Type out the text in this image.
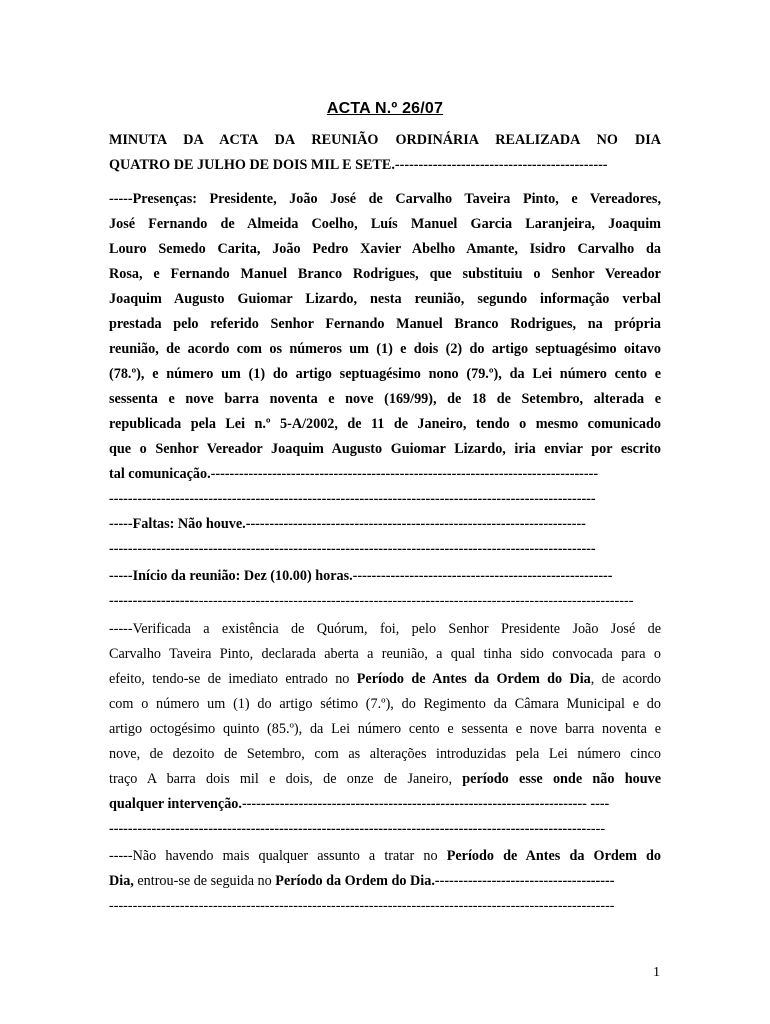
ACTA N.º 26/07
MINUTA DA ACTA DA REUNIÃO ORDINÁRIA REALIZADA NO DIA
QUATRO DE JULHO DE DOIS MIL E SETE.---------------------------------------------
-----Presenças: Presidente, João José de Carvalho Taveira Pinto, e Vereadores,
José Fernando de Almeida Coelho, Luís Manuel Garcia Laranjeira, Joaquim
Louro Semedo Carita, João Pedro Xavier Abelho Amante, Isidro Carvalho da
Rosa, e Fernando Manuel Branco Rodrigues, que substituiu o Senhor Vereador
Joaquim Augusto Guiomar Lizardo, nesta reunião, segundo informação verbal
prestada pelo referido Senhor Fernando Manuel Branco Rodrigues, na própria
reunião, de acordo com os números um (1) e dois (2) do artigo septuagésimo oitavo
(78.º), e número um (1) do artigo septuagésimo nono (79.º), da Lei número cento e
sessenta e nove barra noventa e nove (169/99), de 18 de Setembro, alterada e
republicada pela Lei n.º 5-A/2002, de 11 de Janeiro, tendo o mesmo comunicado
que o Senhor Vereador Joaquim Augusto Guiomar Lizardo, iria enviar por escrito
tal comunicação.----------------------------------------------------------------------------------
-------------------------------------------------------------------------------------------------------
-----Faltas: Não houve.------------------------------------------------------------------------
-------------------------------------------------------------------------------------------------------
-----Início da reunião: Dez (10.00) horas.-------------------------------------------------------
---------------------------------------------------------------------------------------------------------------
-----Verificada a existência de Quórum, foi, pelo Senhor Presidente João José de
Carvalho Taveira Pinto, declarada aberta a reunião, a qual tinha sido convocada para o
efeito, tendo-se de imediato entrado no Período de Antes da Ordem do Dia, de acordo
com o número um (1) do artigo sétimo (7.º), do Regimento da Câmara Municipal e do
artigo octogésimo quinto (85.º), da Lei número cento e sessenta e nove barra noventa e
nove, de dezoito de Setembro, com as alterações introduzidas pela Lei número cinco
traço A barra dois mil e dois, de onze de Janeiro, período esse onde não houve
qualquer intervenção.------------------------------------------------------------------------- ----
---------------------------------------------------------------------------------------------------------
-----Não havendo mais qualquer assunto a tratar no Período de Antes da Ordem do
Dia, entrou-se de seguida no Período da Ordem do Dia.--------------------------------------
-----------------------------------------------------------------------------------------------------------
1
